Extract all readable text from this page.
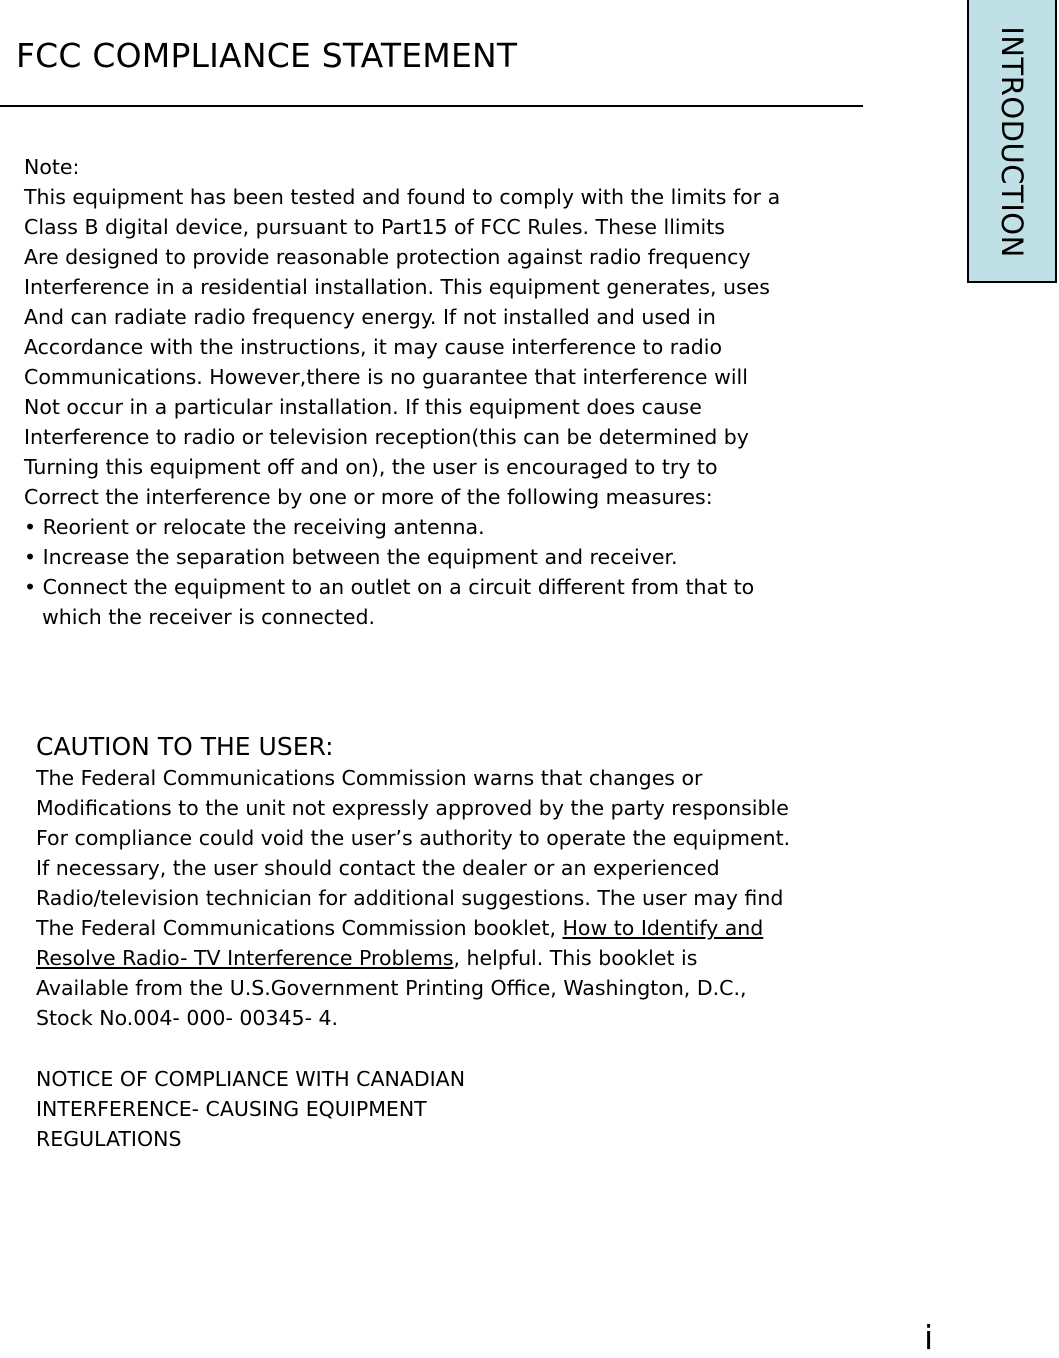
FCC COMPLIANCE STATEMENT	INTRODUCTION
Note:
This equipment has been tested and found to comply with the limits for a
Class B digital device, pursuant to Part15 of FCC Rules. These llimits
Are designed to provide reasonable protection against radio frequency
Interference in a residential installation. This equipment generates, uses
And can radiate radio frequency energy. If not installed and used in
Accordance with the instructions, it may cause interference to radio
Communications. However,there is no guarantee that interference will
Not occur in a particular installation. If this equipment does cause
Interference to radio or television reception(this can be determined by
Turning this equipment off and on), the user is encouraged to try to
Correct the interference by one or more of the following measures:
• Reorient or relocate the receiving antenna.
• Increase the separation between the equipment and receiver.
• Connect the equipment to an outlet on a circuit different from that to
which the receiver is connected.
CAUTION TO THE USER:
The Federal Communications Commission warns that changes or
Modifications to the unit not expressly approved by the party responsible
For compliance could void the user’s authority to operate the equipment.
If necessary, the user should contact the dealer or an experienced
Radio/television technician for additional suggestions. The user may find
The Federal Communications Commission booklet, How to Identify and
Resolve Radio- TV Interference Problems, helpful. This booklet is
Available from the U.S.Government Printing Office, Washington, D.C.,
Stock No.004- 000- 00345- 4.
NOTICE OF COMPLIANCE WITH CANADIAN
INTERFERENCE- CAUSING EQUIPMENT
REGULATIONS
i
